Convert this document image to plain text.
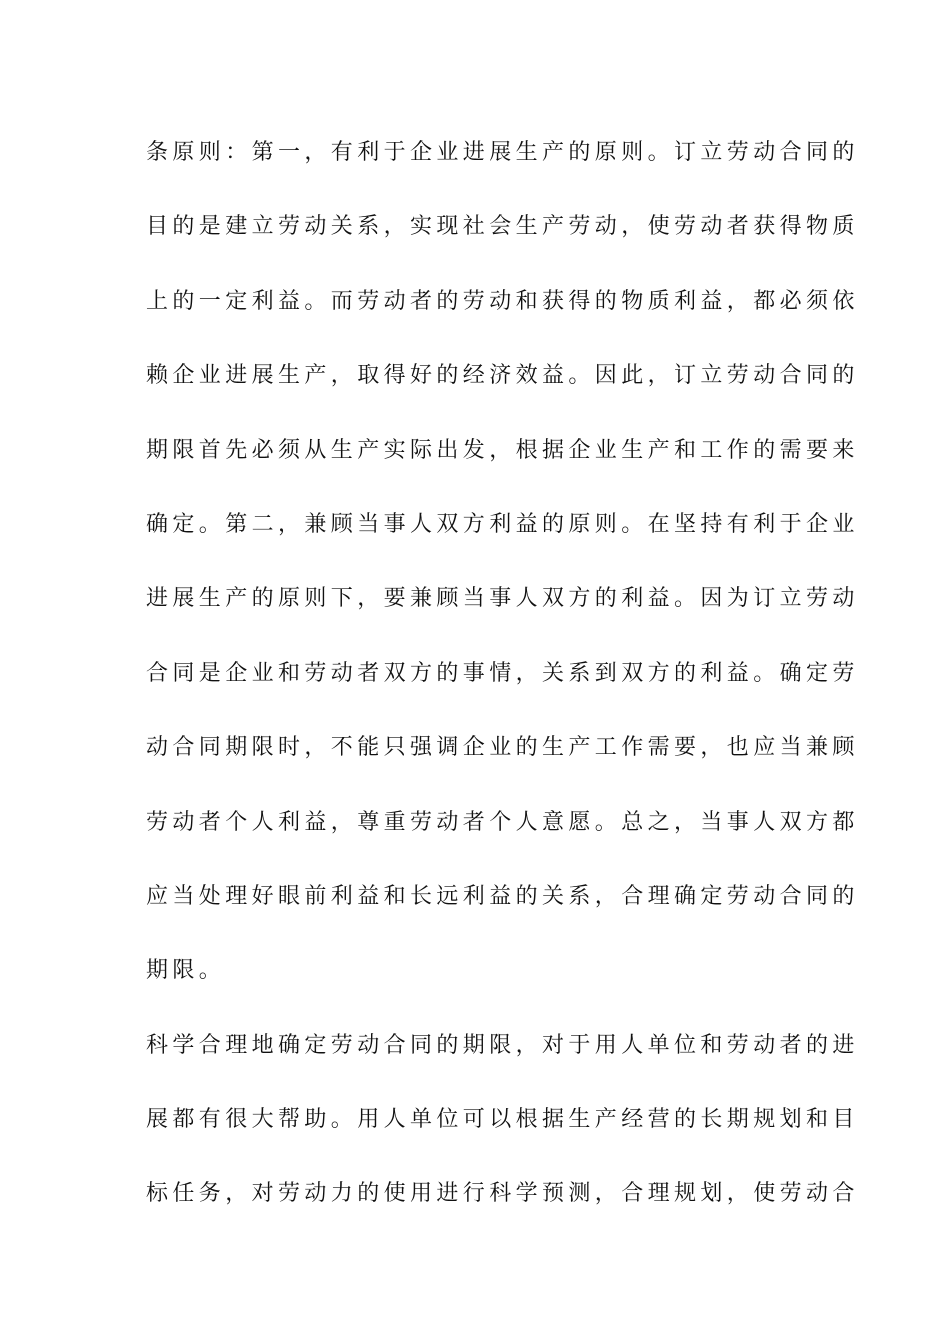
条原则：第一，有利于企业进展生产的原则。订立劳动合同的
目的是建立劳动关系，实现社会生产劳动，使劳动者获得物质
上的一定利益。而劳动者的劳动和获得的物质利益，都必须依
赖企业进展生产，取得好的经济效益。因此，订立劳动合同的
期限首先必须从生产实际出发，根据企业生产和工作的需要来
确定。第二，兼顾当事人双方利益的原则。在坚持有利于企业
进展生产的原则下，要兼顾当事人双方的利益。因为订立劳动
合同是企业和劳动者双方的事情，关系到双方的利益。确定劳
动合同期限时，不能只强调企业的生产工作需要，也应当兼顾
劳动者个人利益，尊重劳动者个人意愿。总之，当事人双方都
应当处理好眼前利益和长远利益的关系，合理确定劳动合同的
期限。
科学合理地确定劳动合同的期限，对于用人单位和劳动者的进
展都有很大帮助。用人单位可以根据生产经营的长期规划和目
标任务，对劳动力的使用进行科学预测，合理规划，使劳动合
